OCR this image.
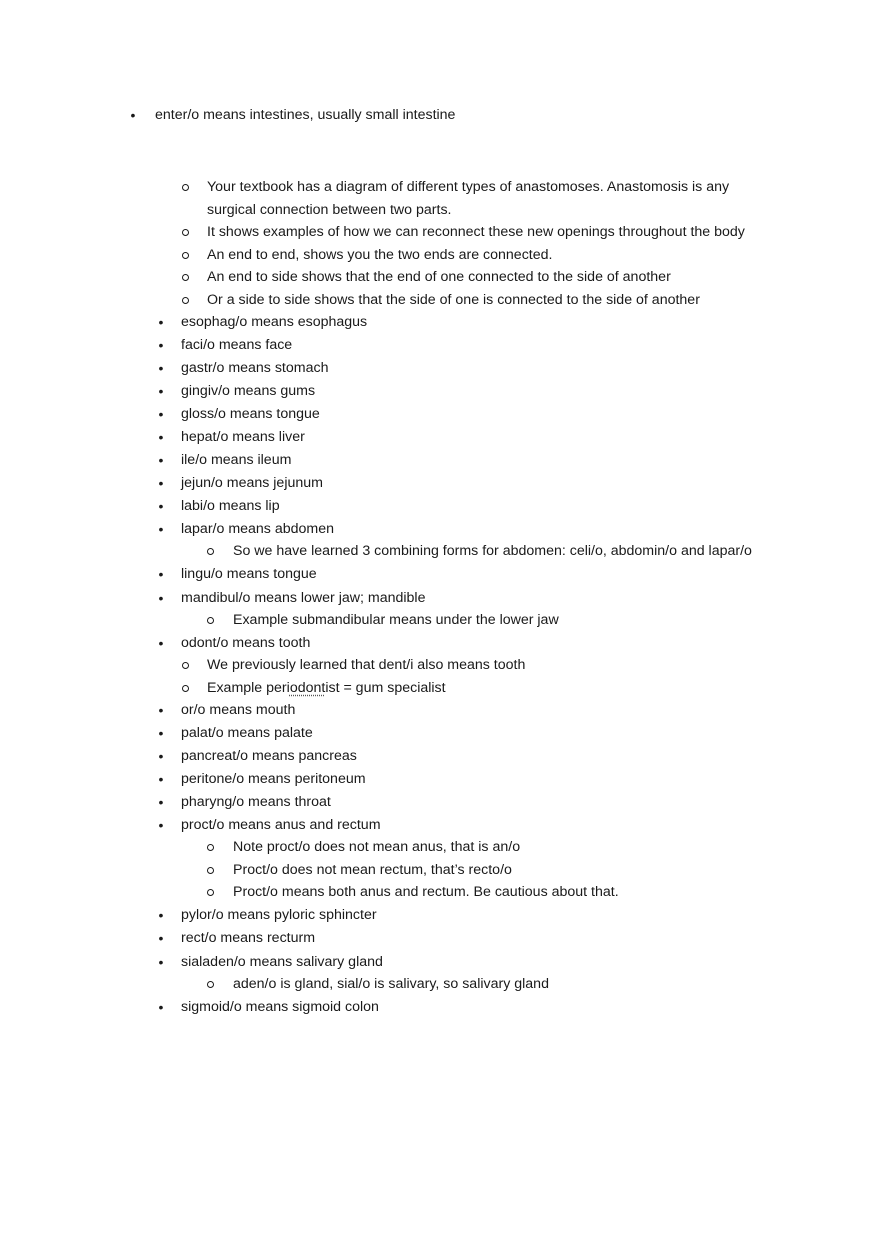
• enter/o means intestines, usually small intestine
Your textbook has a diagram of different types of anastomoses. Anastomosis is any
surgical connection between two parts.
It shows examples of how we can reconnect these new openings throughout the body
An end to end, shows you the two ends are connected.
An end to side shows that the end of one connected to the side of another
Or a side to side shows that the side of one is connected to the side of another
• esophag/o means esophagus
• faci/o means face
• gastr/o means stomach
• gingiv/o means gums
• gloss/o means tongue
• hepat/o means liver
• ile/o means ileum
• jejun/o means jejunum
• labi/o means lip
• lapar/o means abdomen
So we have learned 3 combining forms for abdomen: celi/o, abdomin/o and lapar/o
• lingu/o means tongue
• mandibul/o means lower jaw; mandible
Example submandibular means under the lower jaw
• odont/o means tooth
We previously learned that dent/i also means tooth
Example periodontist = gum specialist
• or/o means mouth
• palat/o means palate
• pancreat/o means pancreas
• peritone/o means peritoneum
• pharyng/o means throat
• proct/o means anus and rectum
Note proct/o does not mean anus, that is an/o
Proct/o does not mean rectum, that’s recto/o
Proct/o means both anus and rectum. Be cautious about that.
• pylor/o means pyloric sphincter
• rect/o means recturm
• sialaden/o means salivary gland
aden/o is gland, sial/o is salivary, so salivary gland
• sigmoid/o means sigmoid colon
